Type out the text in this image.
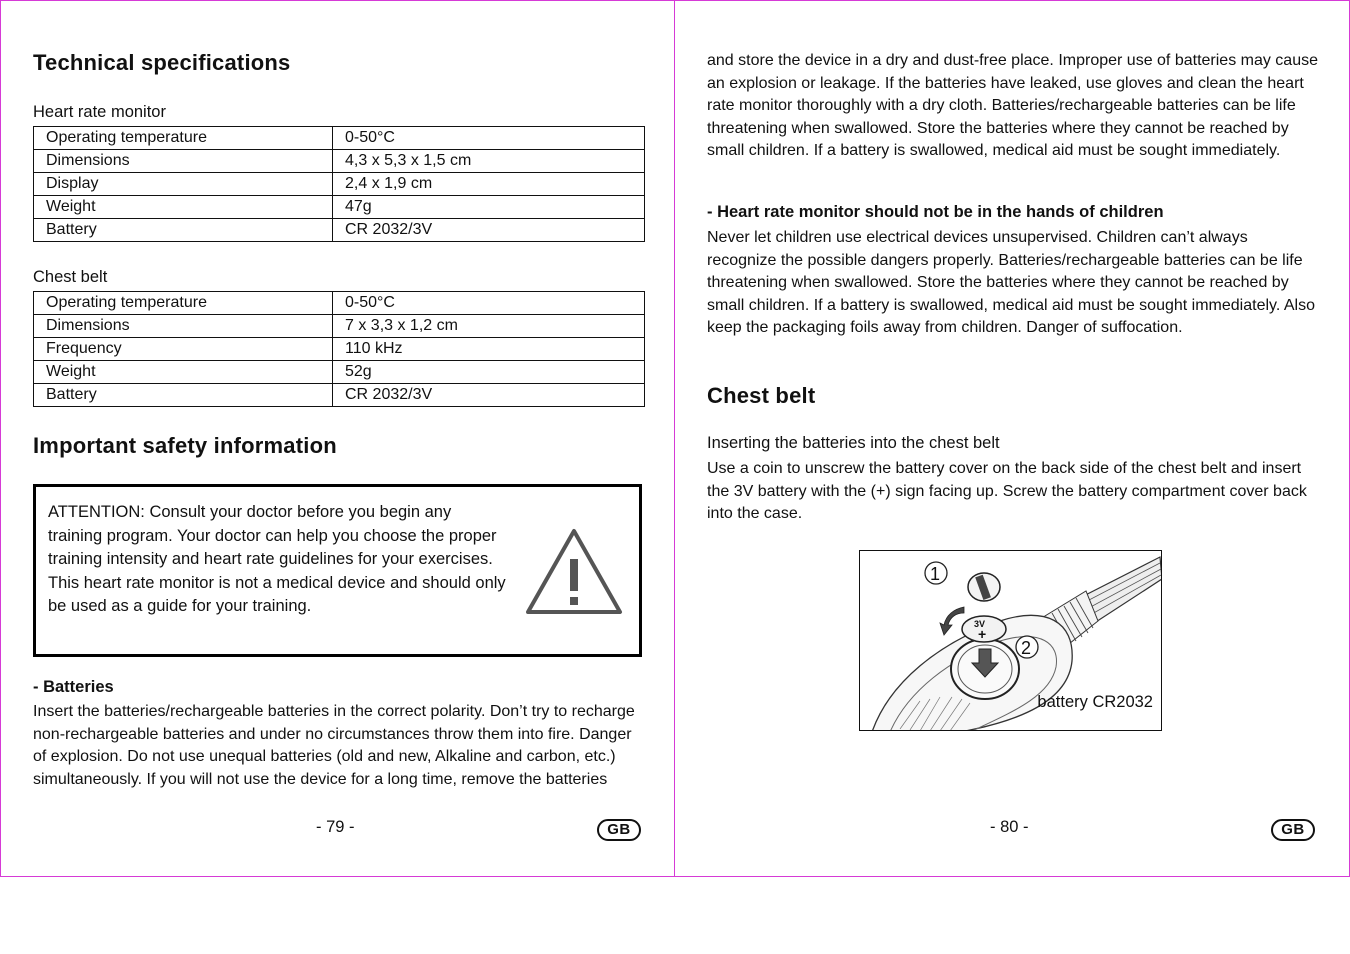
Technical specifications
Heart rate monitor
Operating temperature	0-50°C
Dimensions	4,3 x 5,3 x 1,5 cm
Display	2,4 x 1,9 cm
Weight	47g
Battery	CR 2032/3V
Chest belt
Operating temperature	0-50°C
Dimensions	7 x 3,3 x 1,2 cm
Frequency	110 kHz
Weight	52g
Battery	CR 2032/3V
Important safety information

ATTENTION: Consult your doctor before you begin any training program. Your doctor can help you choose the proper training intensity and heart rate guidelines for your exercises. This heart rate monitor is not a medical device and should only be used as a guide for your training.

- Batteries

Insert the batteries/rechargeable batteries in the correct polarity. Don’t try to recharge non-rechargeable batteries and under no circumstances throw them into fire. Danger of explosion. Do not use unequal batteries (old and new, Alkaline and carbon, etc.) simultaneously. If you will not use the device for a long time, remove the batteries

- 79 -	GB

and store the device in a dry and dust-free place. Improper use of batteries may cause an explosion or leakage. If the batteries have leaked, use gloves and clean the heart rate monitor thoroughly with a dry cloth. Batteries/rechargeable batteries can be life threatening when swallowed. Store the batteries where they cannot be reached by small children. If a battery is swallowed, medical aid must be sought immediately.

- Heart rate monitor should not be in the hands of children

Never let children use electrical devices unsupervised. Children can’t always recognize the possible dangers properly. Batteries/rechargeable batteries can be life threatening when swallowed. Store the batteries where they cannot be reached by small children. If a battery is swallowed, medical aid must be sought immediately. Also keep the packaging foils away from children. Danger of suffocation.

Chest belt
Inserting the batteries into the chest belt

Use a coin to unscrew the battery cover on the back side of the chest belt and insert the 3V battery with the (+) sign facing up. Screw the battery compartment cover back into the case.

3V
+
1
2
battery CR2032
- 80 -	GB
